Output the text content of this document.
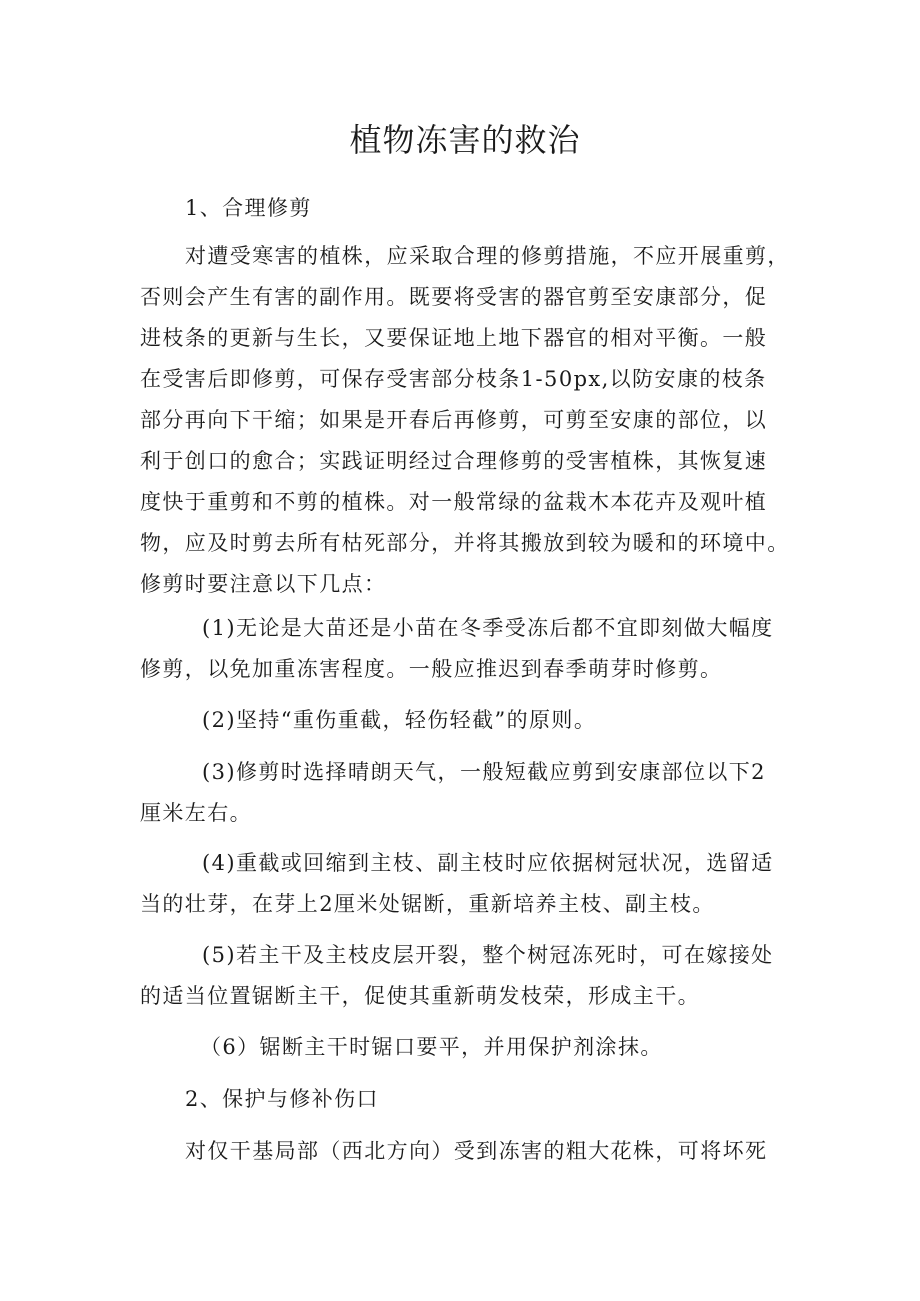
植物冻害的救治

1、合理修剪

对遭受寒害的植株，应采取合理的修剪措施，不应开展重剪，
否则会产生有害的副作用。既要将受害的器官剪至安康部分，促
进枝条的更新与生长，又要保证地上地下器官的相对平衡。一般
在受害后即修剪，可保存受害部分枝条1-50px,以防安康的枝条
部分再向下干缩；如果是开春后再修剪，可剪至安康的部位，以
利于创口的愈合；实践证明经过合理修剪的受害植株，其恢复速
度快于重剪和不剪的植株。对一般常绿的盆栽木本花卉及观叶植
物，应及时剪去所有枯死部分，并将其搬放到较为暖和的环境中。
修剪时要注意以下几点：
(1)无论是大苗还是小苗在冬季受冻后都不宜即刻做大幅度
修剪，以免加重冻害程度。一般应推迟到春季萌芽时修剪。

(2)坚持“重伤重截，轻伤轻截”的原则。

(3)修剪时选择晴朗天气，一般短截应剪到安康部位以下2
厘米左右。
(4)重截或回缩到主枝、副主枝时应依据树冠状况，选留适
当的壮芽，在芽上2厘米处锯断，重新培养主枝、副主枝。
(5)若主干及主枝皮层开裂，整个树冠冻死时，可在嫁接处
的适当位置锯断主干，促使其重新萌发枝荣，形成主干。

（6）锯断主干时锯口要平，并用保护剂涂抹。

2、保护与修补伤口

对仅干基局部（西北方向）受到冻害的粗大花株，可将坏死
